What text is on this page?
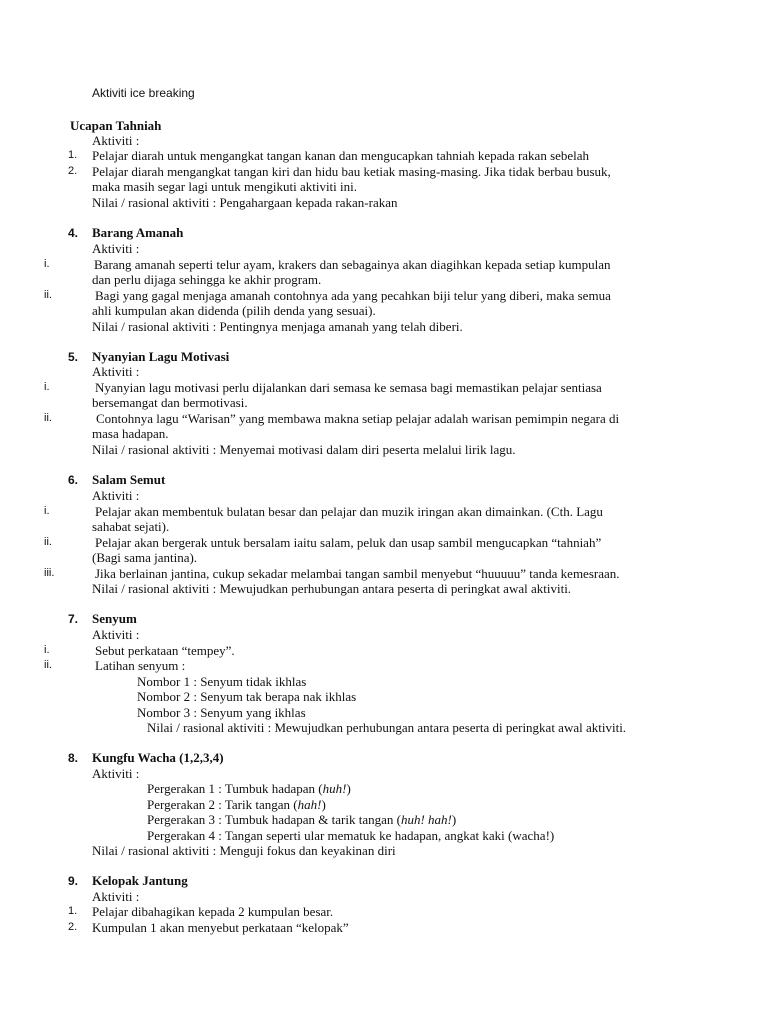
Aktiviti ice breaking
Ucapan Tahniah
Aktiviti :
1. Pelajar diarah untuk mengangkat tangan kanan dan mengucapkan tahniah kepada rakan sebelah
2. Pelajar diarah mengangkat tangan kiri dan hidu bau ketiak masing-masing. Jika tidak berbau busuk,
maka masih segar lagi untuk mengikuti aktiviti ini.
Nilai / rasional aktiviti : Pengahargaan kepada rakan-rakan
4. Barang Amanah
Aktiviti :
i.	Barang amanah seperti telur ayam, krakers dan sebagainya akan diagihkan kepada setiap kumpulan
dan perlu dijaga sehingga ke akhir program.
ii.	Bagi yang gagal menjaga amanah contohnya ada yang pecahkan biji telur yang diberi, maka semua
ahli kumpulan akan didenda (pilih denda yang sesuai).
Nilai / rasional aktiviti : Pentingnya menjaga amanah yang telah diberi.
5. Nyanyian Lagu Motivasi
Aktiviti :
i.	Nyanyian lagu motivasi perlu dijalankan dari semasa ke semasa bagi memastikan pelajar sentiasa
bersemangat dan bermotivasi.
ii.	Contohnya lagu “Warisan” yang membawa makna setiap pelajar adalah warisan pemimpin negara di
masa hadapan.
Nilai / rasional aktiviti : Menyemai motivasi dalam diri peserta melalui lirik lagu.
6. Salam Semut
Aktiviti :
i.	Pelajar akan membentuk bulatan besar dan pelajar dan muzik iringan akan dimainkan. (Cth. Lagu
sahabat sejati).
ii.	Pelajar akan bergerak untuk bersalam iaitu salam, peluk dan usap sambil mengucapkan “tahniah”
(Bagi sama jantina).
iii.	Jika berlainan jantina, cukup sekadar melambai tangan sambil menyebut “huuuuu” tanda kemesraan.
Nilai / rasional aktiviti : Mewujudkan perhubungan antara peserta di peringkat awal aktiviti.
7. Senyum
Aktiviti :
i.	Sebut perkataan “tempey”.
ii.	Latihan senyum :
Nombor 1 : Senyum tidak ikhlas
Nombor 2 : Senyum tak berapa nak ikhlas
Nombor 3 : Senyum yang ikhlas
Nilai / rasional aktiviti : Mewujudkan perhubungan antara peserta di peringkat awal aktiviti.
8. Kungfu Wacha (1,2,3,4)
Aktiviti :
Pergerakan 1 : Tumbuk hadapan (huh!)
Pergerakan 2 : Tarik tangan (hah!)
Pergerakan 3 : Tumbuk hadapan & tarik tangan (huh! hah!)
Pergerakan 4 : Tangan seperti ular mematuk ke hadapan, angkat kaki (wacha!)
Nilai / rasional aktiviti : Menguji fokus dan keyakinan diri
9. Kelopak Jantung
Aktiviti :
1. Pelajar dibahagikan kepada 2 kumpulan besar.
2. Kumpulan 1 akan menyebut perkataan “kelopak”
